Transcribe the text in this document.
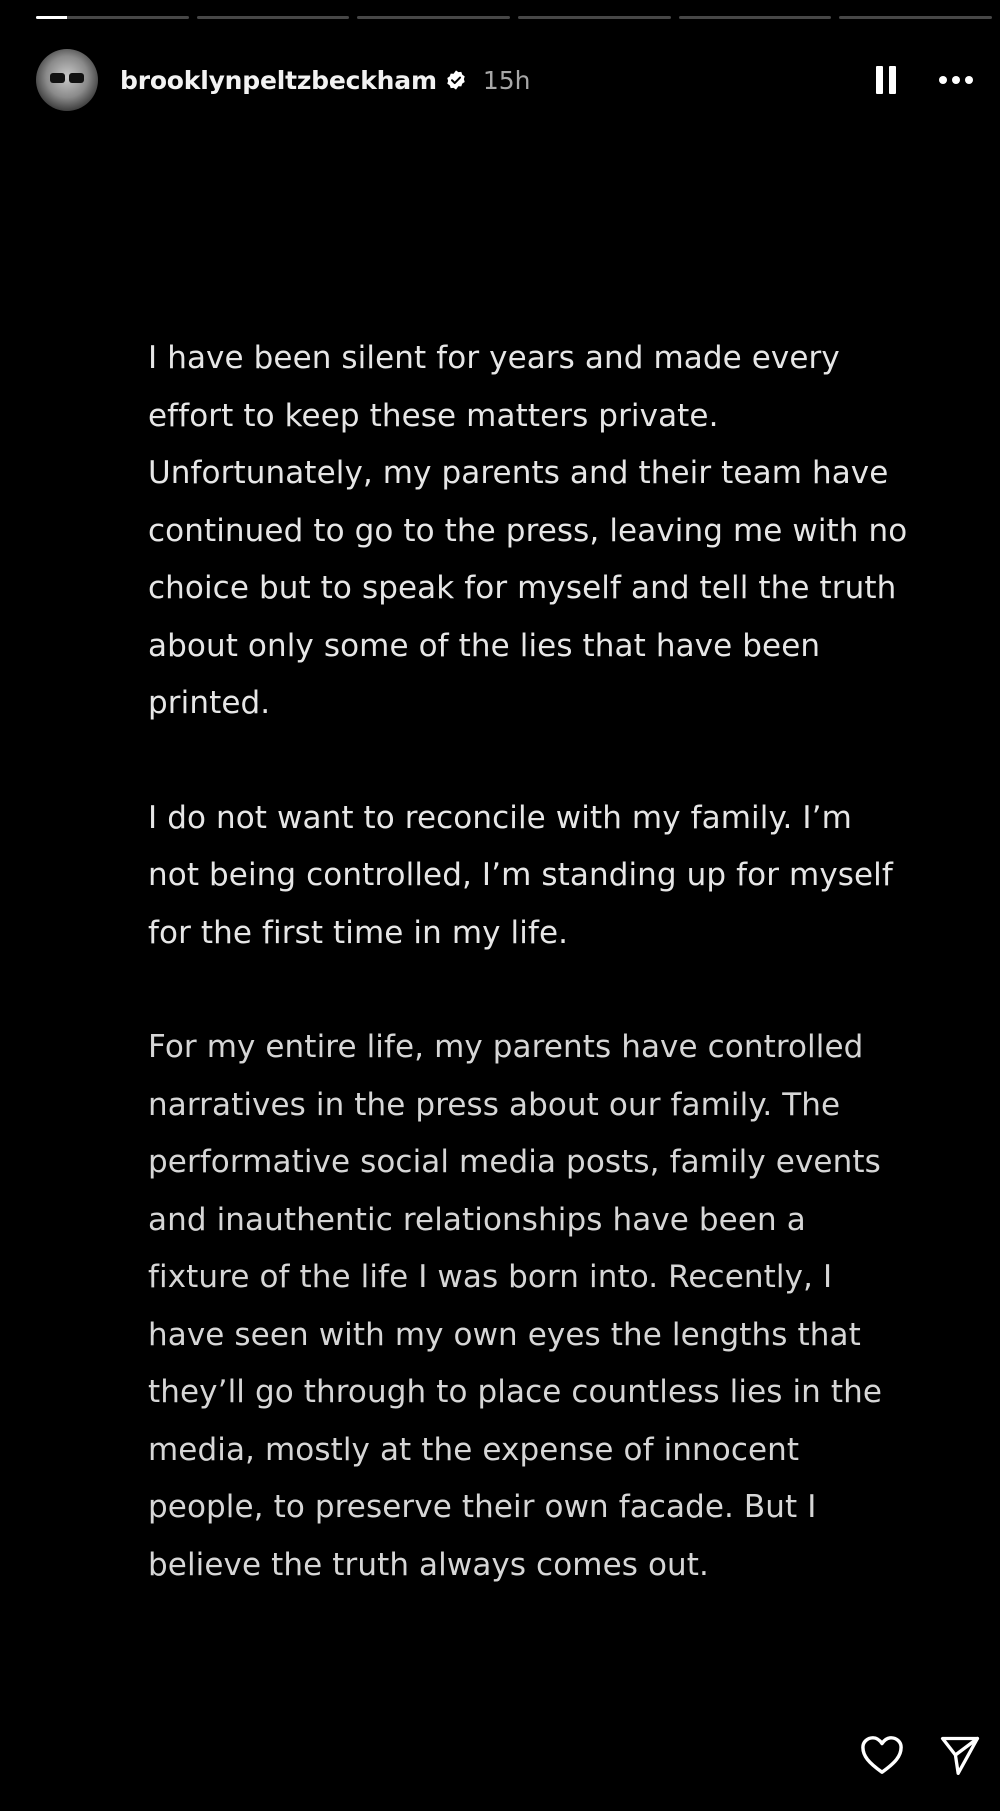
brooklynpeltzbeckham 15h

I have been silent for years and made every effort to keep these matters private. Unfortunately, my parents and their team have continued to go to the press, leaving me with no choice but to speak for myself and tell the truth about only some of the lies that have been printed.

I do not want to reconcile with my family. I’m not being controlled, I’m standing up for myself for the first time in my life.

For my entire life, my parents have controlled narratives in the press about our family. The performative social media posts, family events and inauthentic relationships have been a fixture of the life I was born into. Recently, I have seen with my own eyes the lengths that they’ll go through to place countless lies in the media, mostly at the expense of innocent people, to preserve their own facade. But I believe the truth always comes out.
